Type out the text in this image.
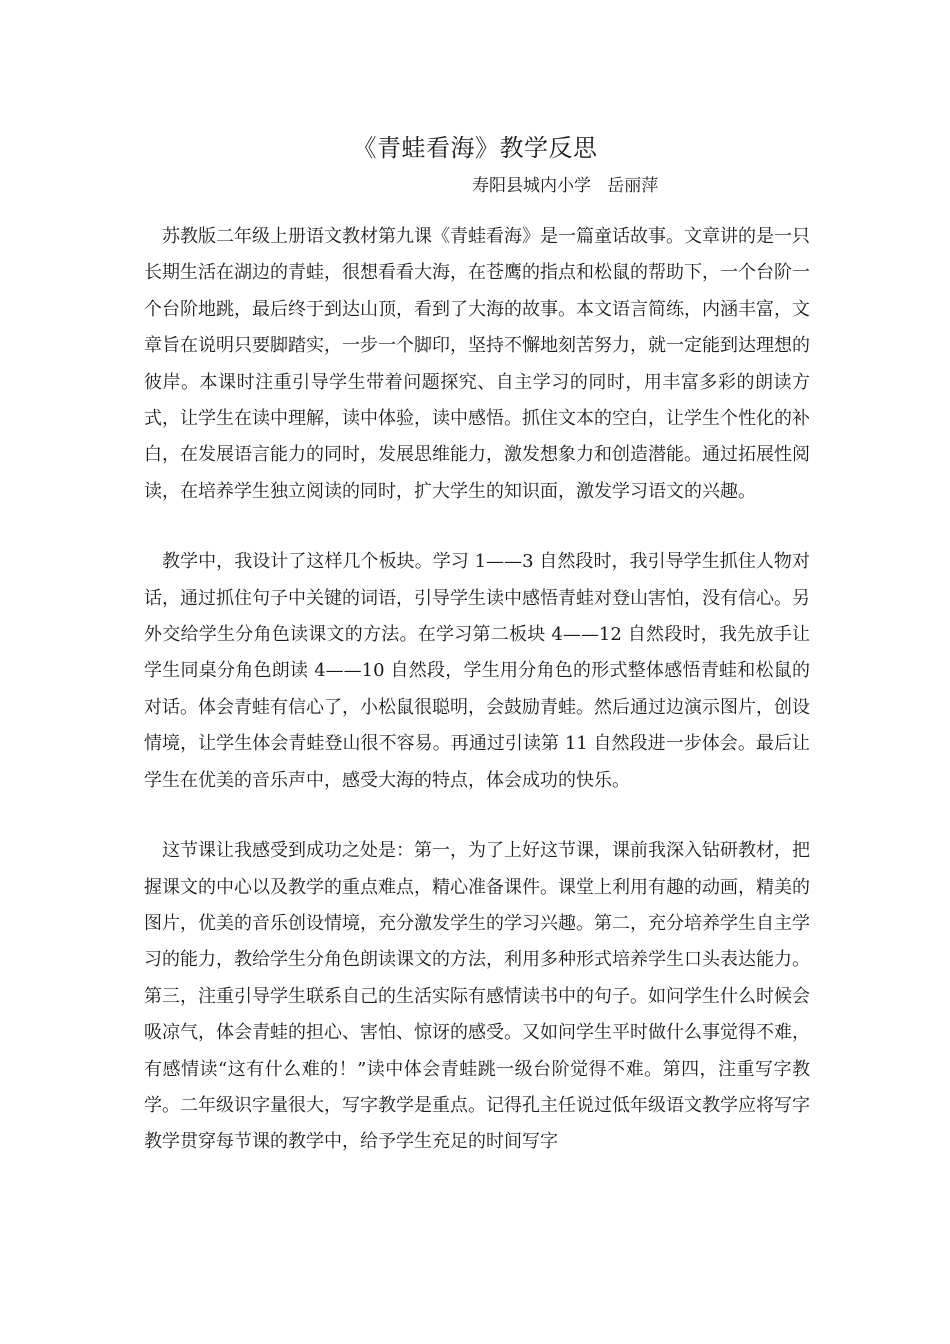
《青蛙看海》教学反思
寿阳县城内小学   岳丽萍

苏教版二年级上册语文教材第九课《青蛙看海》是一篇童话故事。文章讲的是一只长期生活在湖边的青蛙，很想看看大海，在苍鹰的指点和松鼠的帮助下，一个台阶一个台阶地跳，最后终于到达山顶，看到了大海的故事。本文语言简练，内涵丰富，文章旨在说明只要脚踏实，一步一个脚印，坚持不懈地刻苦努力，就一定能到达理想的彼岸。本课时注重引导学生带着问题探究、自主学习的同时，用丰富多彩的朗读方式，让学生在读中理解，读中体验，读中感悟。抓住文本的空白，让学生个性化的补白，在发展语言能力的同时，发展思维能力，激发想象力和创造潜能。通过拓展性阅读，在培养学生独立阅读的同时，扩大学生的知识面，激发学习语文的兴趣。

教学中，我设计了这样几个板块。学习 1——3 自然段时，我引导学生抓住人物对话，通过抓住句子中关键的词语，引导学生读中感悟青蛙对登山害怕，没有信心。另外交给学生分角色读课文的方法。在学习第二板块 4——12 自然段时，我先放手让学生同桌分角色朗读 4——10 自然段，学生用分角色的形式整体感悟青蛙和松鼠的对话。体会青蛙有信心了，小松鼠很聪明，会鼓励青蛙。然后通过边演示图片，创设情境，让学生体会青蛙登山很不容易。再通过引读第 11 自然段进一步体会。最后让学生在优美的音乐声中，感受大海的特点，体会成功的快乐。

这节课让我感受到成功之处是：第一，为了上好这节课，课前我深入钻研教材，把握课文的中心以及教学的重点难点，精心准备课件。课堂上利用有趣的动画，精美的图片，优美的音乐创设情境，充分激发学生的学习兴趣。第二，充分培养学生自主学习的能力，教给学生分角色朗读课文的方法，利用多种形式培养学生口头表达能力。第三，注重引导学生联系自己的生活实际有感情读书中的句子。如问学生什么时候会吸凉气，体会青蛙的担心、害怕、惊讶的感受。又如问学生平时做什么事觉得不难，有感情读“这有什么难的！”读中体会青蛙跳一级台阶觉得不难。第四，注重写字教学。二年级识字量很大，写字教学是重点。记得孔主任说过低年级语文教学应将写字教学贯穿每节课的教学中，给予学生充足的时间写字
